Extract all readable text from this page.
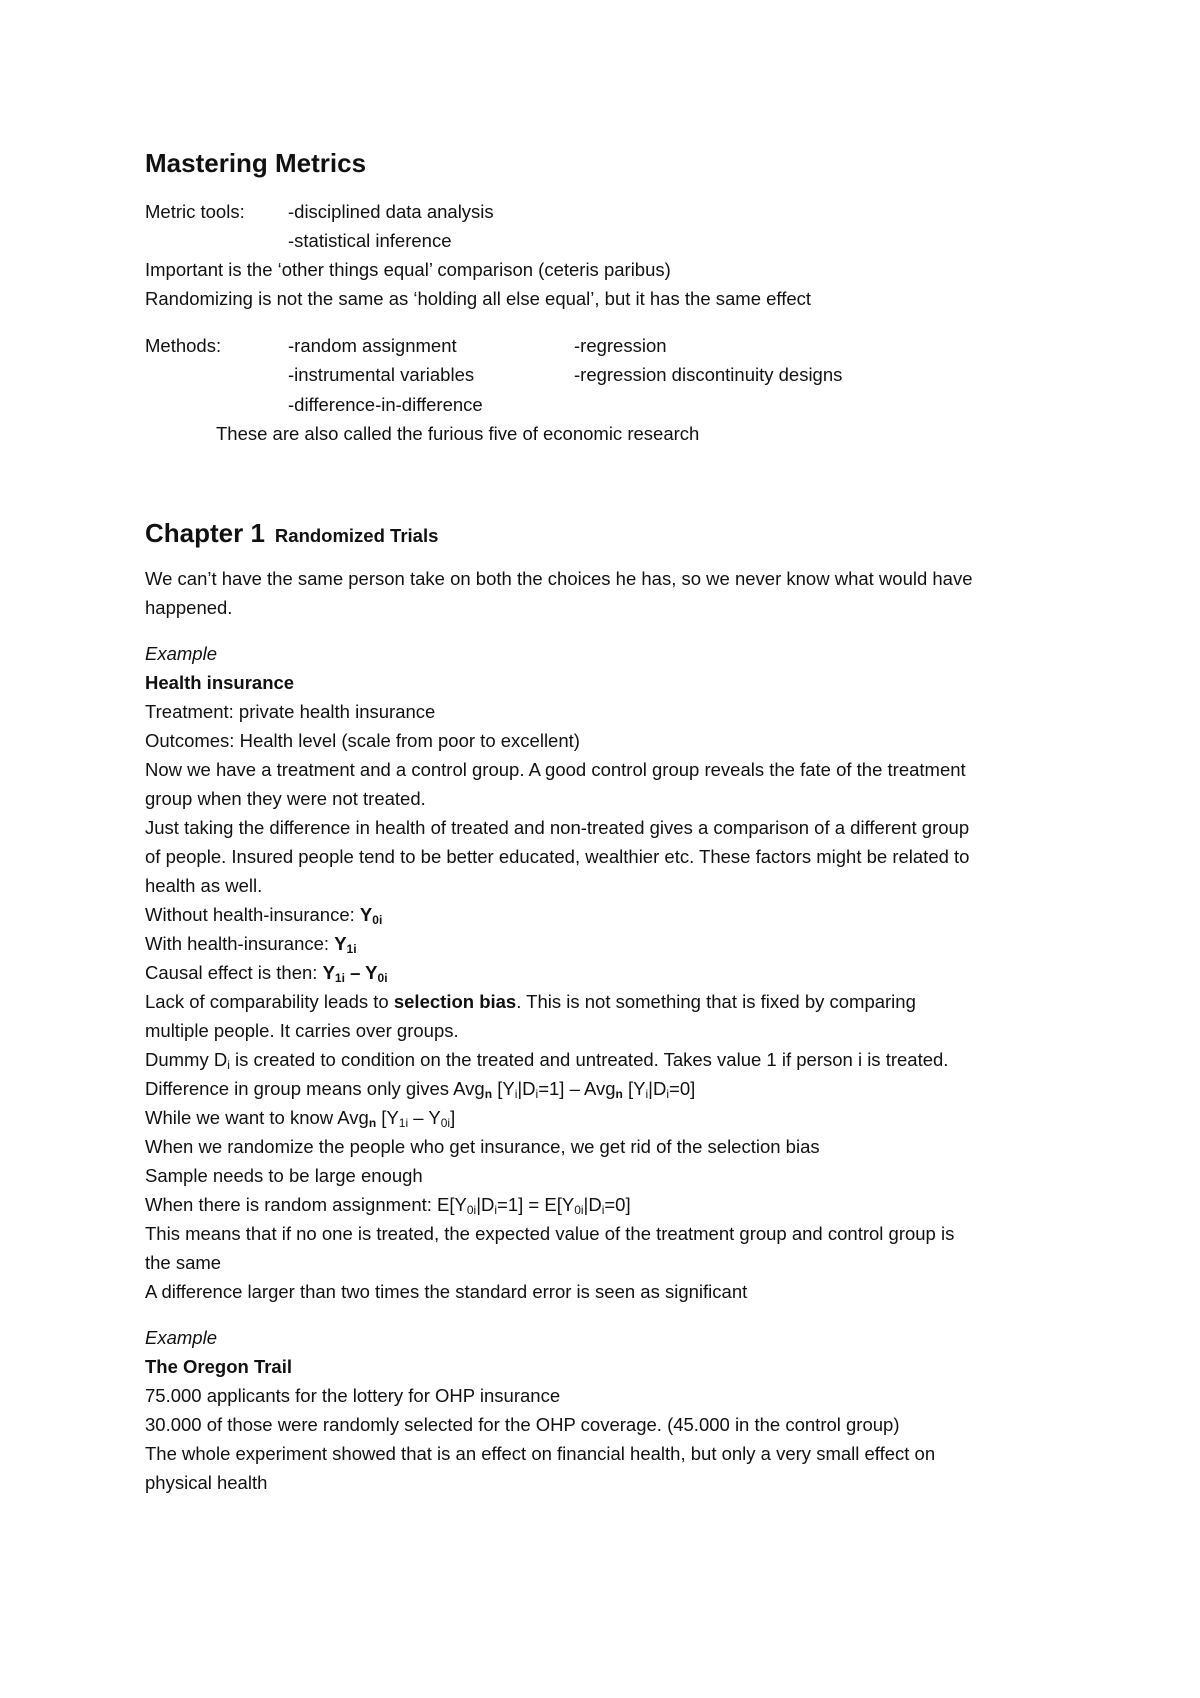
Mastering Metrics
Metric tools: -disciplined data analysis
-statistical inference
Important is the ‘other things equal’ comparison (ceteris paribus)
Randomizing is not the same as ‘holding all else equal’, but it has the same effect
Methods:	-random assignment	-regression
-instrumental variables	-regression discontinuity designs
-difference-in-difference
These are also called the furious five of economic research
Chapter 1 Randomized Trials
We can’t have the same person take on both the choices he has, so we never know what would have
happened.
Example
Health insurance
Treatment: private health insurance
Outcomes: Health level (scale from poor to excellent)
Now we have a treatment and a control group. A good control group reveals the fate of the treatment
group when they were not treated.
Just taking the difference in health of treated and non-treated gives a comparison of a different group
of people. Insured people tend to be better educated, wealthier etc. These factors might be related to
health as well.
Without health-insurance: $Y_{0i}$
With health-insurance: $Y_{1i}$
Causal effect is then: $Y_{1i} - Y_{0i}$
Lack of comparability leads to selection bias. This is not something that is fixed by comparing
multiple people. It carries over groups.
Dummy $D_i$ is created to condition on the treated and untreated. Takes value 1 if person i is treated.
Difference in group means only gives Avg$_n$ $[Y_i|D_i=1] - Avg_n$ $[Y_i|D_i=0]$
While we want to know Avg$_n$ $[Y_{1i} - Y_{0i}]$
When we randomize the people who get insurance, we get rid of the selection bias
Sample needs to be large enough
When there is random assignment: $E[Y_{0i}|D_i=1] = E[Y_{0i}|D_i=0]$
This means that if no one is treated, the expected value of the treatment group and control group is
the same
A difference larger than two times the standard error is seen as significant
Example
The Oregon Trail
75.000 applicants for the lottery for OHP insurance
30.000 of those were randomly selected for the OHP coverage. (45.000 in the control group)
The whole experiment showed that is an effect on financial health, but only a very small effect on
physical health
